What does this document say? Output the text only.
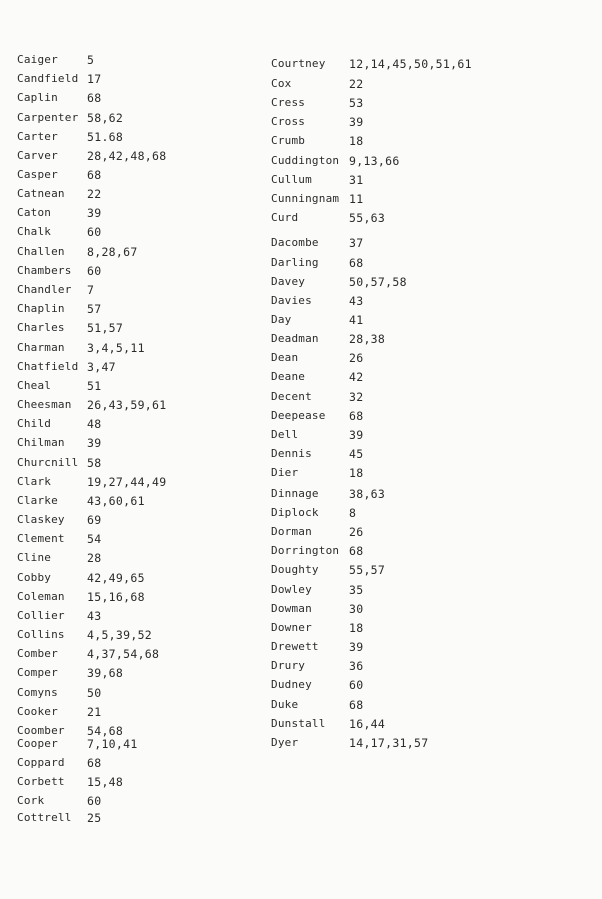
Caiger	5
Candfield 17
Caplin	68
Carpenter 58,62
Carter	51.68
Carver	28,42,48,68
Casper	68
Catnean 22
Caton	39
Chalk	60
Challen 8,28,67
Chambers 60
Chandler 7
Chaplin 57
Charles 51,57
Charman 3,4,5,11
Chatfield 3,47
Cheal	51
Cheesman 26,43,59,61
Child	48
Chilman 39
Churcnill 58
Clark	19,27,44,49
Clarke	43,60,61
Claskey 69
Clement 54
Cline	28
Cobby	42,49,65
Coleman 15,16,68
Collier 43
Collins 4,5,39,52
Comber	4,37,54,68
Comper	39,68
Comyns	50
Cooker	21
Coomber 54,68
Cooper	7,10,41
Coppard 68
Corbett 15,48
Cork	60
Cottrell 25
Courtney 12,14,45,50,51,61
Cox	22
Cress	53
Cross	39
Crumb	18
Cuddington 9,13,66
Cullum	31
Cunningnam 11
Curd	55,63
Dacombe	37
Darling	68
Davey	50,57,58
Davies	43
Day	41
Deadman	28,38
Dean	26
Deane	42
Decent	32
Deepease 68
Dell	39
Dennis	45
Dier	18
Dinnage	38,63
Diplock	8
Dorman	26
Dorrington 68
Doughty	55,57
Dowley	35
Dowman	30
Downer	18
Drewett	39
Drury	36
Dudney	60
Duke	68
Dunstall 16,44
Dyer	14,17,31,57
